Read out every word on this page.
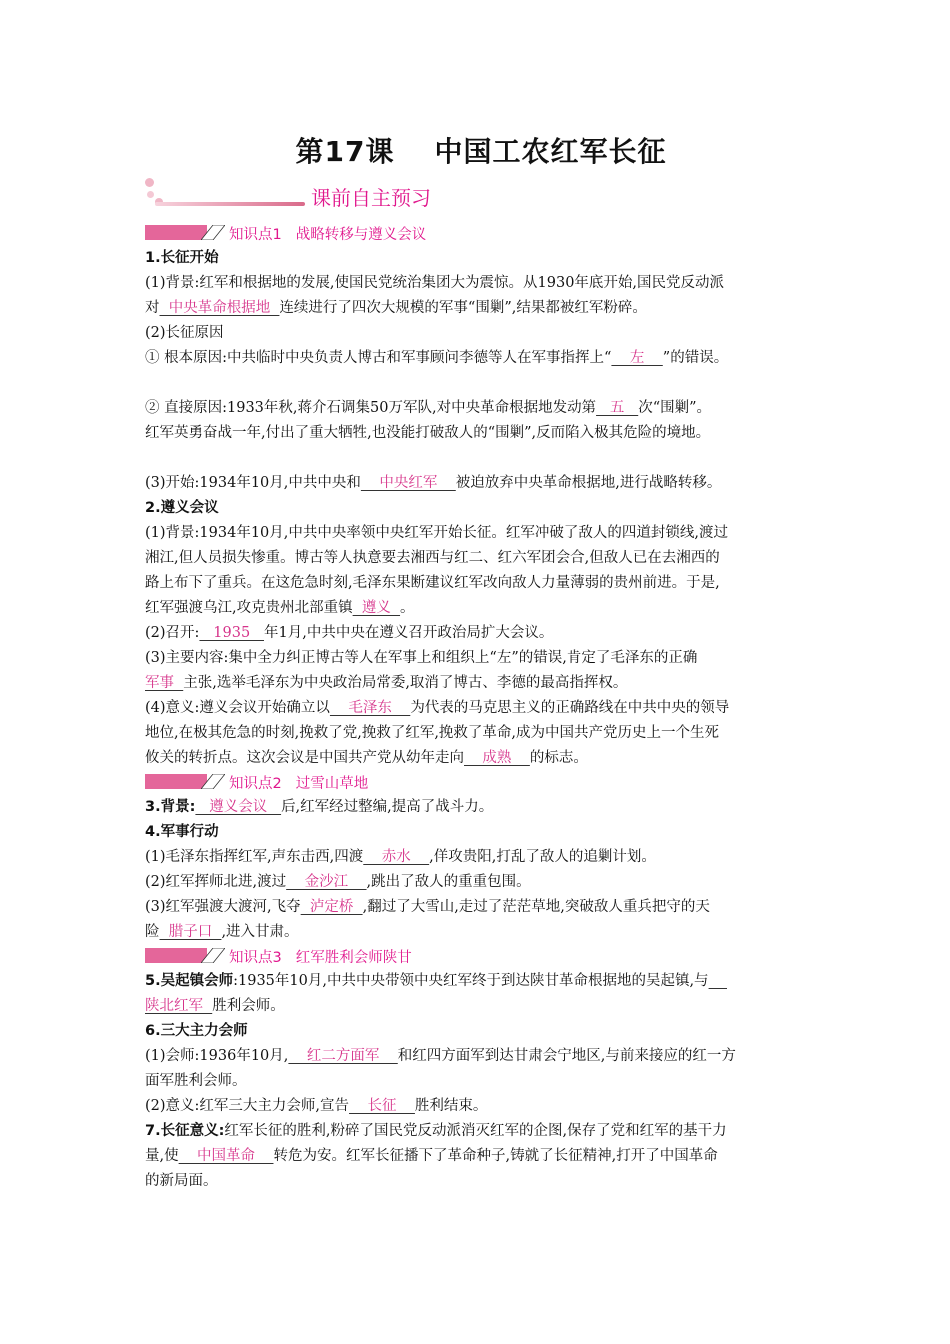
第17课 中国工农红军长征
课前自主预习
知识点1 战略转移与遵义会议

1.长征开始

(1)背景:红军和根据地的发展,使国民党统治集团大为震惊。从1930年底开始,国民党反动派

对  中央革命根据地  连续进行了四次大规模的军事“围剿”,结果都被红军粉碎。

(2)长征原因

① 根本原因:中共临时中央负责人博古和军事顾问李德等人在军事指挥上“    左    ”的错误。

② 直接原因:1933年秋,蒋介石调集50万军队,对中央革命根据地发动第   五   次“围剿”。

红军英勇奋战一年,付出了重大牺牲,也没能打破敌人的“围剿”,反而陷入极其危险的境地。

(3)开始:1934年10月,中共中央和    中央红军    被迫放弃中央革命根据地,进行战略转移。

2.遵义会议

(1)背景:1934年10月,中共中央率领中央红军开始长征。红军冲破了敌人的四道封锁线,渡过

湘江,但人员损失惨重。博古等人执意要去湘西与红二、红六军团会合,但敌人已在去湘西的

路上布下了重兵。在这危急时刻,毛泽东果断建议红军改向敌人力量薄弱的贵州前进。于是,

红军强渡乌江,攻克贵州北部重镇  遵义  。

(2)召开:   1935   年1月,中共中央在遵义召开政治局扩大会议。

(3)主要内容:集中全力纠正博古等人在军事上和组织上“左”的错误,肯定了毛泽东的正确

军事  主张,选举毛泽东为中央政治局常委,取消了博古、李德的最高指挥权。

(4)意义:遵义会议开始确立以    毛泽东    为代表的马克思主义的正确路线在中共中央的领导

地位,在极其危急的时刻,挽救了党,挽救了红军,挽救了革命,成为中国共产党历史上一个生死

攸关的转折点。这次会议是中国共产党从幼年走向    成熟    的标志。

知识点2 过雪山草地

3.背景:   遵义会议   后,红军经过整编,提高了战斗力。

4.军事行动

(1)毛泽东指挥红军,声东击西,四渡    赤水    ,佯攻贵阳,打乱了敌人的追剿计划。

(2)红军挥师北进,渡过    金沙江    ,跳出了敌人的重重包围。

(3)红军强渡大渡河,飞夺  泸定桥  ,翻过了大雪山,走过了茫茫草地,突破敌人重兵把守的天

险  腊子口  ,进入甘肃。

知识点3 红军胜利会师陕甘

5.吴起镇会师:1935年10月,中共中央带领中央红军终于到达陕甘革命根据地的吴起镇,与

陕北红军  胜利会师。

6.三大主力会师

(1)会师:1936年10月,    红二方面军    和红四方面军到达甘肃会宁地区,与前来接应的红一方

面军胜利会师。

(2)意义:红军三大主力会师,宣告    长征    胜利结束。

7.长征意义:红军长征的胜利,粉碎了国民党反动派消灭红军的企图,保存了党和红军的基干力

量,使    中国革命    转危为安。红军长征播下了革命种子,铸就了长征精神,打开了中国革命

的新局面。
